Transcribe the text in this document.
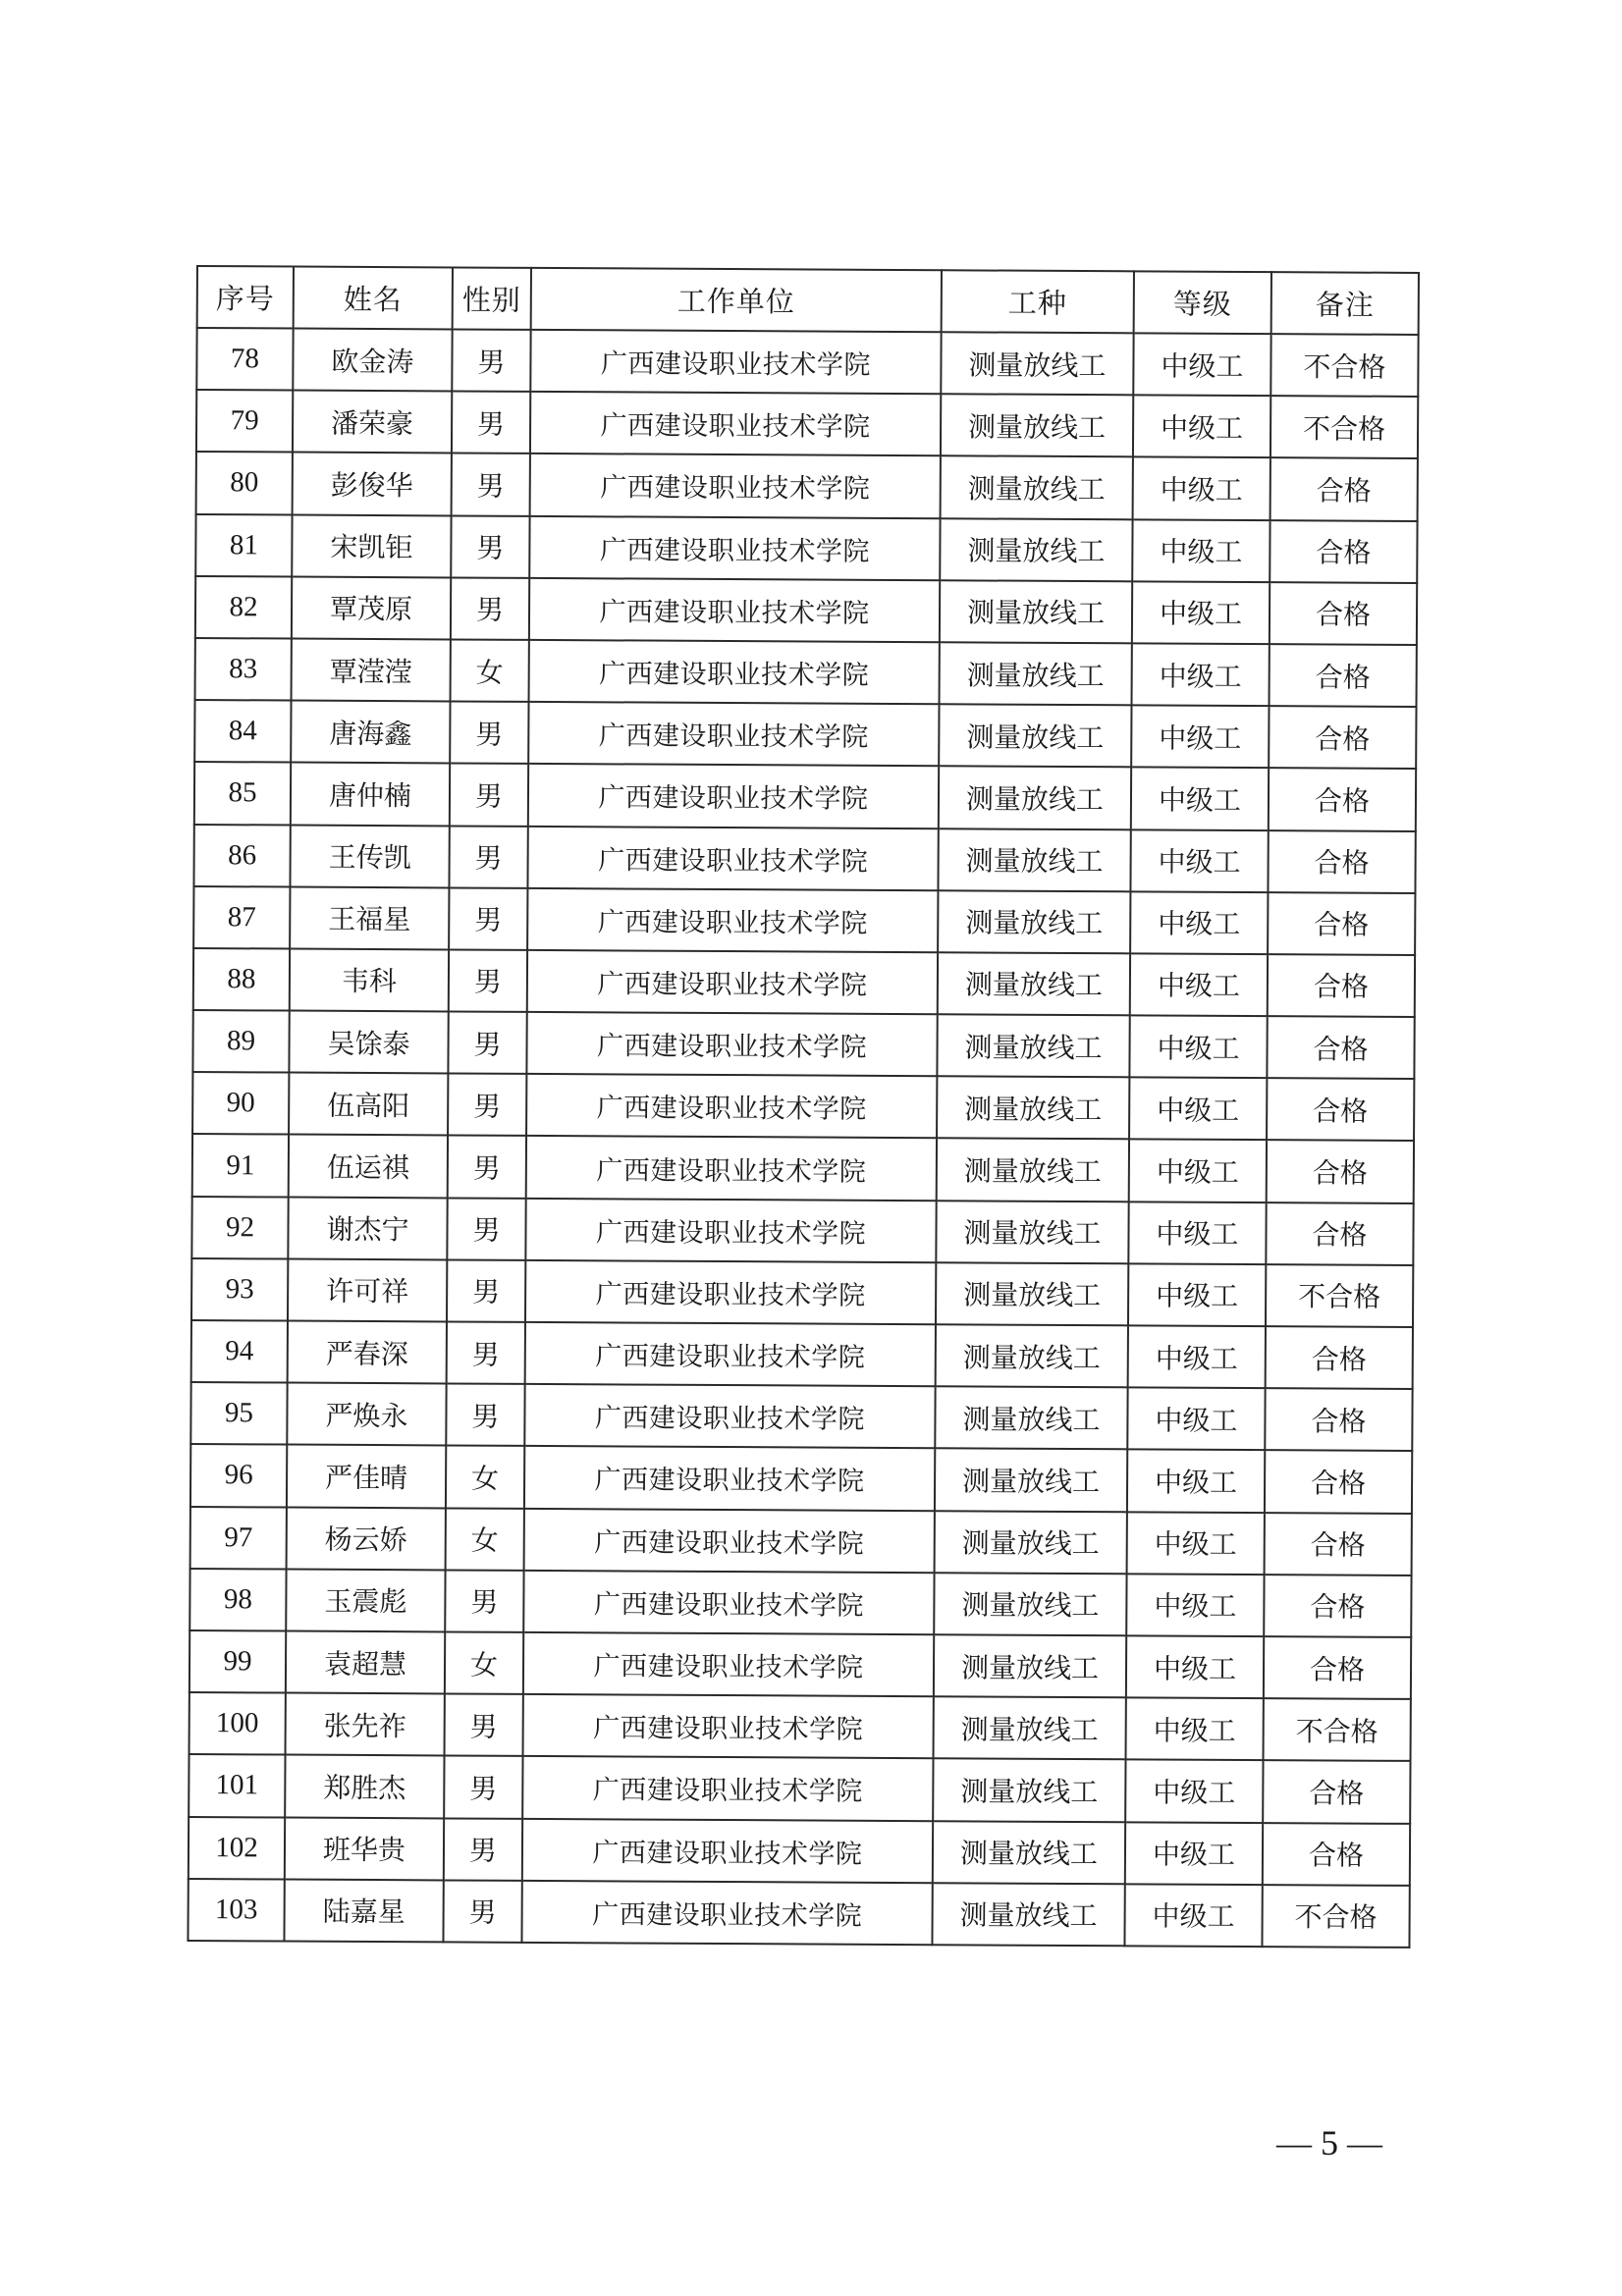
序号	姓名	性别	工作单位	工种	等级	备注
78	欧金涛	男	广西建设职业技术学院	测量放线工	中级工	不合格
79	潘荣豪	男	广西建设职业技术学院	测量放线工	中级工	不合格
80	彭俊华	男	广西建设职业技术学院	测量放线工	中级工	合格
81	宋凯钜	男	广西建设职业技术学院	测量放线工	中级工	合格
82	覃茂原	男	广西建设职业技术学院	测量放线工	中级工	合格
83	覃滢滢	女	广西建设职业技术学院	测量放线工	中级工	合格
84	唐海鑫	男	广西建设职业技术学院	测量放线工	中级工	合格
85	唐仲楠	男	广西建设职业技术学院	测量放线工	中级工	合格
86	王传凯	男	广西建设职业技术学院	测量放线工	中级工	合格
87	王福星	男	广西建设职业技术学院	测量放线工	中级工	合格
88	韦科	男	广西建设职业技术学院	测量放线工	中级工	合格
89	吴馀泰	男	广西建设职业技术学院	测量放线工	中级工	合格
90	伍高阳	男	广西建设职业技术学院	测量放线工	中级工	合格
91	伍运祺	男	广西建设职业技术学院	测量放线工	中级工	合格
92	谢杰宁	男	广西建设职业技术学院	测量放线工	中级工	合格
93	许可祥	男	广西建设职业技术学院	测量放线工	中级工	不合格
94	严春深	男	广西建设职业技术学院	测量放线工	中级工	合格
95	严焕永	男	广西建设职业技术学院	测量放线工	中级工	合格
96	严佳晴	女	广西建设职业技术学院	测量放线工	中级工	合格
97	杨云娇	女	广西建设职业技术学院	测量放线工	中级工	合格
98	玉震彪	男	广西建设职业技术学院	测量放线工	中级工	合格
99	袁超慧	女	广西建设职业技术学院	测量放线工	中级工	合格
100	张先祚	男	广西建设职业技术学院	测量放线工	中级工	不合格
101	郑胜杰	男	广西建设职业技术学院	测量放线工	中级工	合格
102	班华贵	男	广西建设职业技术学院	测量放线工	中级工	合格
103	陆嘉星	男	广西建设职业技术学院	测量放线工	中级工	不合格
— 5 —
